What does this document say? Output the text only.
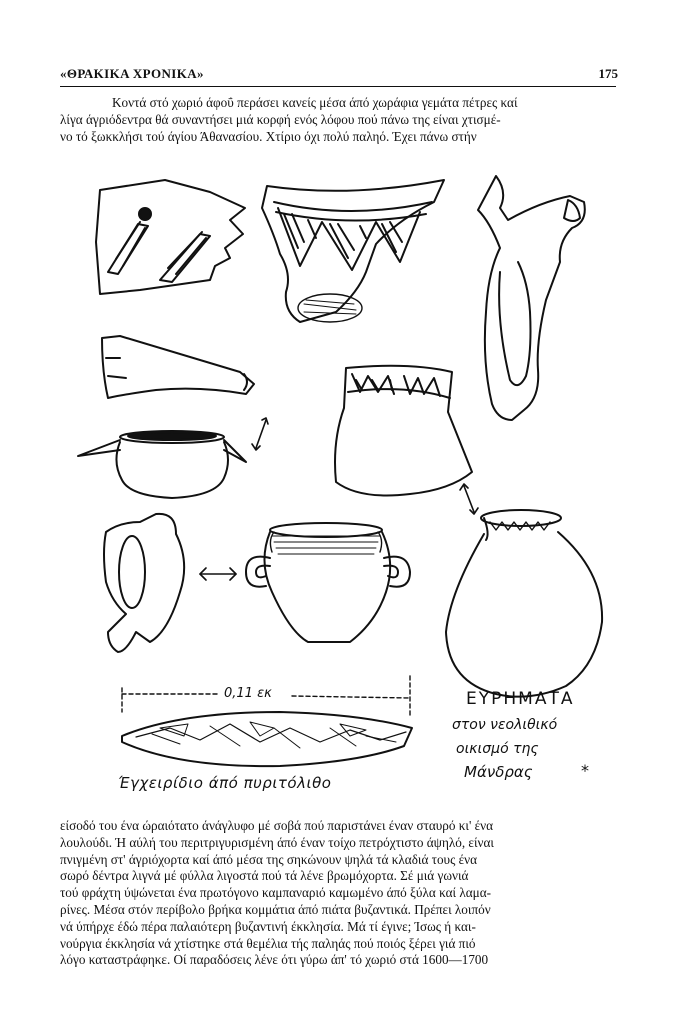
«ΘΡΑΚΙΚΑ ΧΡΟΝΙΚΑ»	175
Κοντά στό χωριό άφοΰ περάσει κανείς μέσα άπό χωράφια γεμάτα πέτρες καί
λίγα άγριόδεντρα θά συναντήσει μιά κορφή ενός λόφου πού πάνω της είναι χτισμέ-
νο τό ξωκκλήσι τού άγίου Άθανασίου. Χτίριο όχι πολύ παληό. Έχει πάνω στήν
0,11 εκ	ΕΥΡΗΜΑΤΑ
στον νεολιθικό
οικισμό της
Μάνδρας	*
Έγχειρίδιο άπό πυριτόλιθο
είσοδό του ένα ώραιότατο άνάγλυφο μέ σοβά πού παριστάνει έναν σταυρό κι' ένα
λουλούδι. Ή αύλή του περιτριγυρισμένη άπό έναν τοίχο πετρόχτιστο άψηλό, είναι
πνιγμένη στ' άγριόχορτα καί άπό μέσα της σηκώνουν ψηλά τά κλαδιά τους ένα
σωρό δέντρα λιγνά μέ φύλλα λιγοστά πού τά λένε βρωμόχορτα. Σέ μιά γωνιά
τού φράχτη ύψώνεται ένα πρωτόγονο καμπαναριό καμωμένο άπό ξύλα καί λαμα-
ρίνες. Μέσα στόν περίβολο βρήκα κομμάτια άπό πιάτα βυζαντικά. Πρέπει λοιπόν
νά ύπήρχε έδώ πέρα παλαιότερη βυζαντινή έκκλησία. Μά τί έγινε; Ίσως ή και-
νούργια έκκλησία νά χτίστηκε στά θεμέλια τής παληάς πού ποιός ξέρει γιά πιό
λόγο καταστράφηκε. Οί παραδόσεις λένε ότι γύρω άπ' τό χωριό στά 1600—1700
